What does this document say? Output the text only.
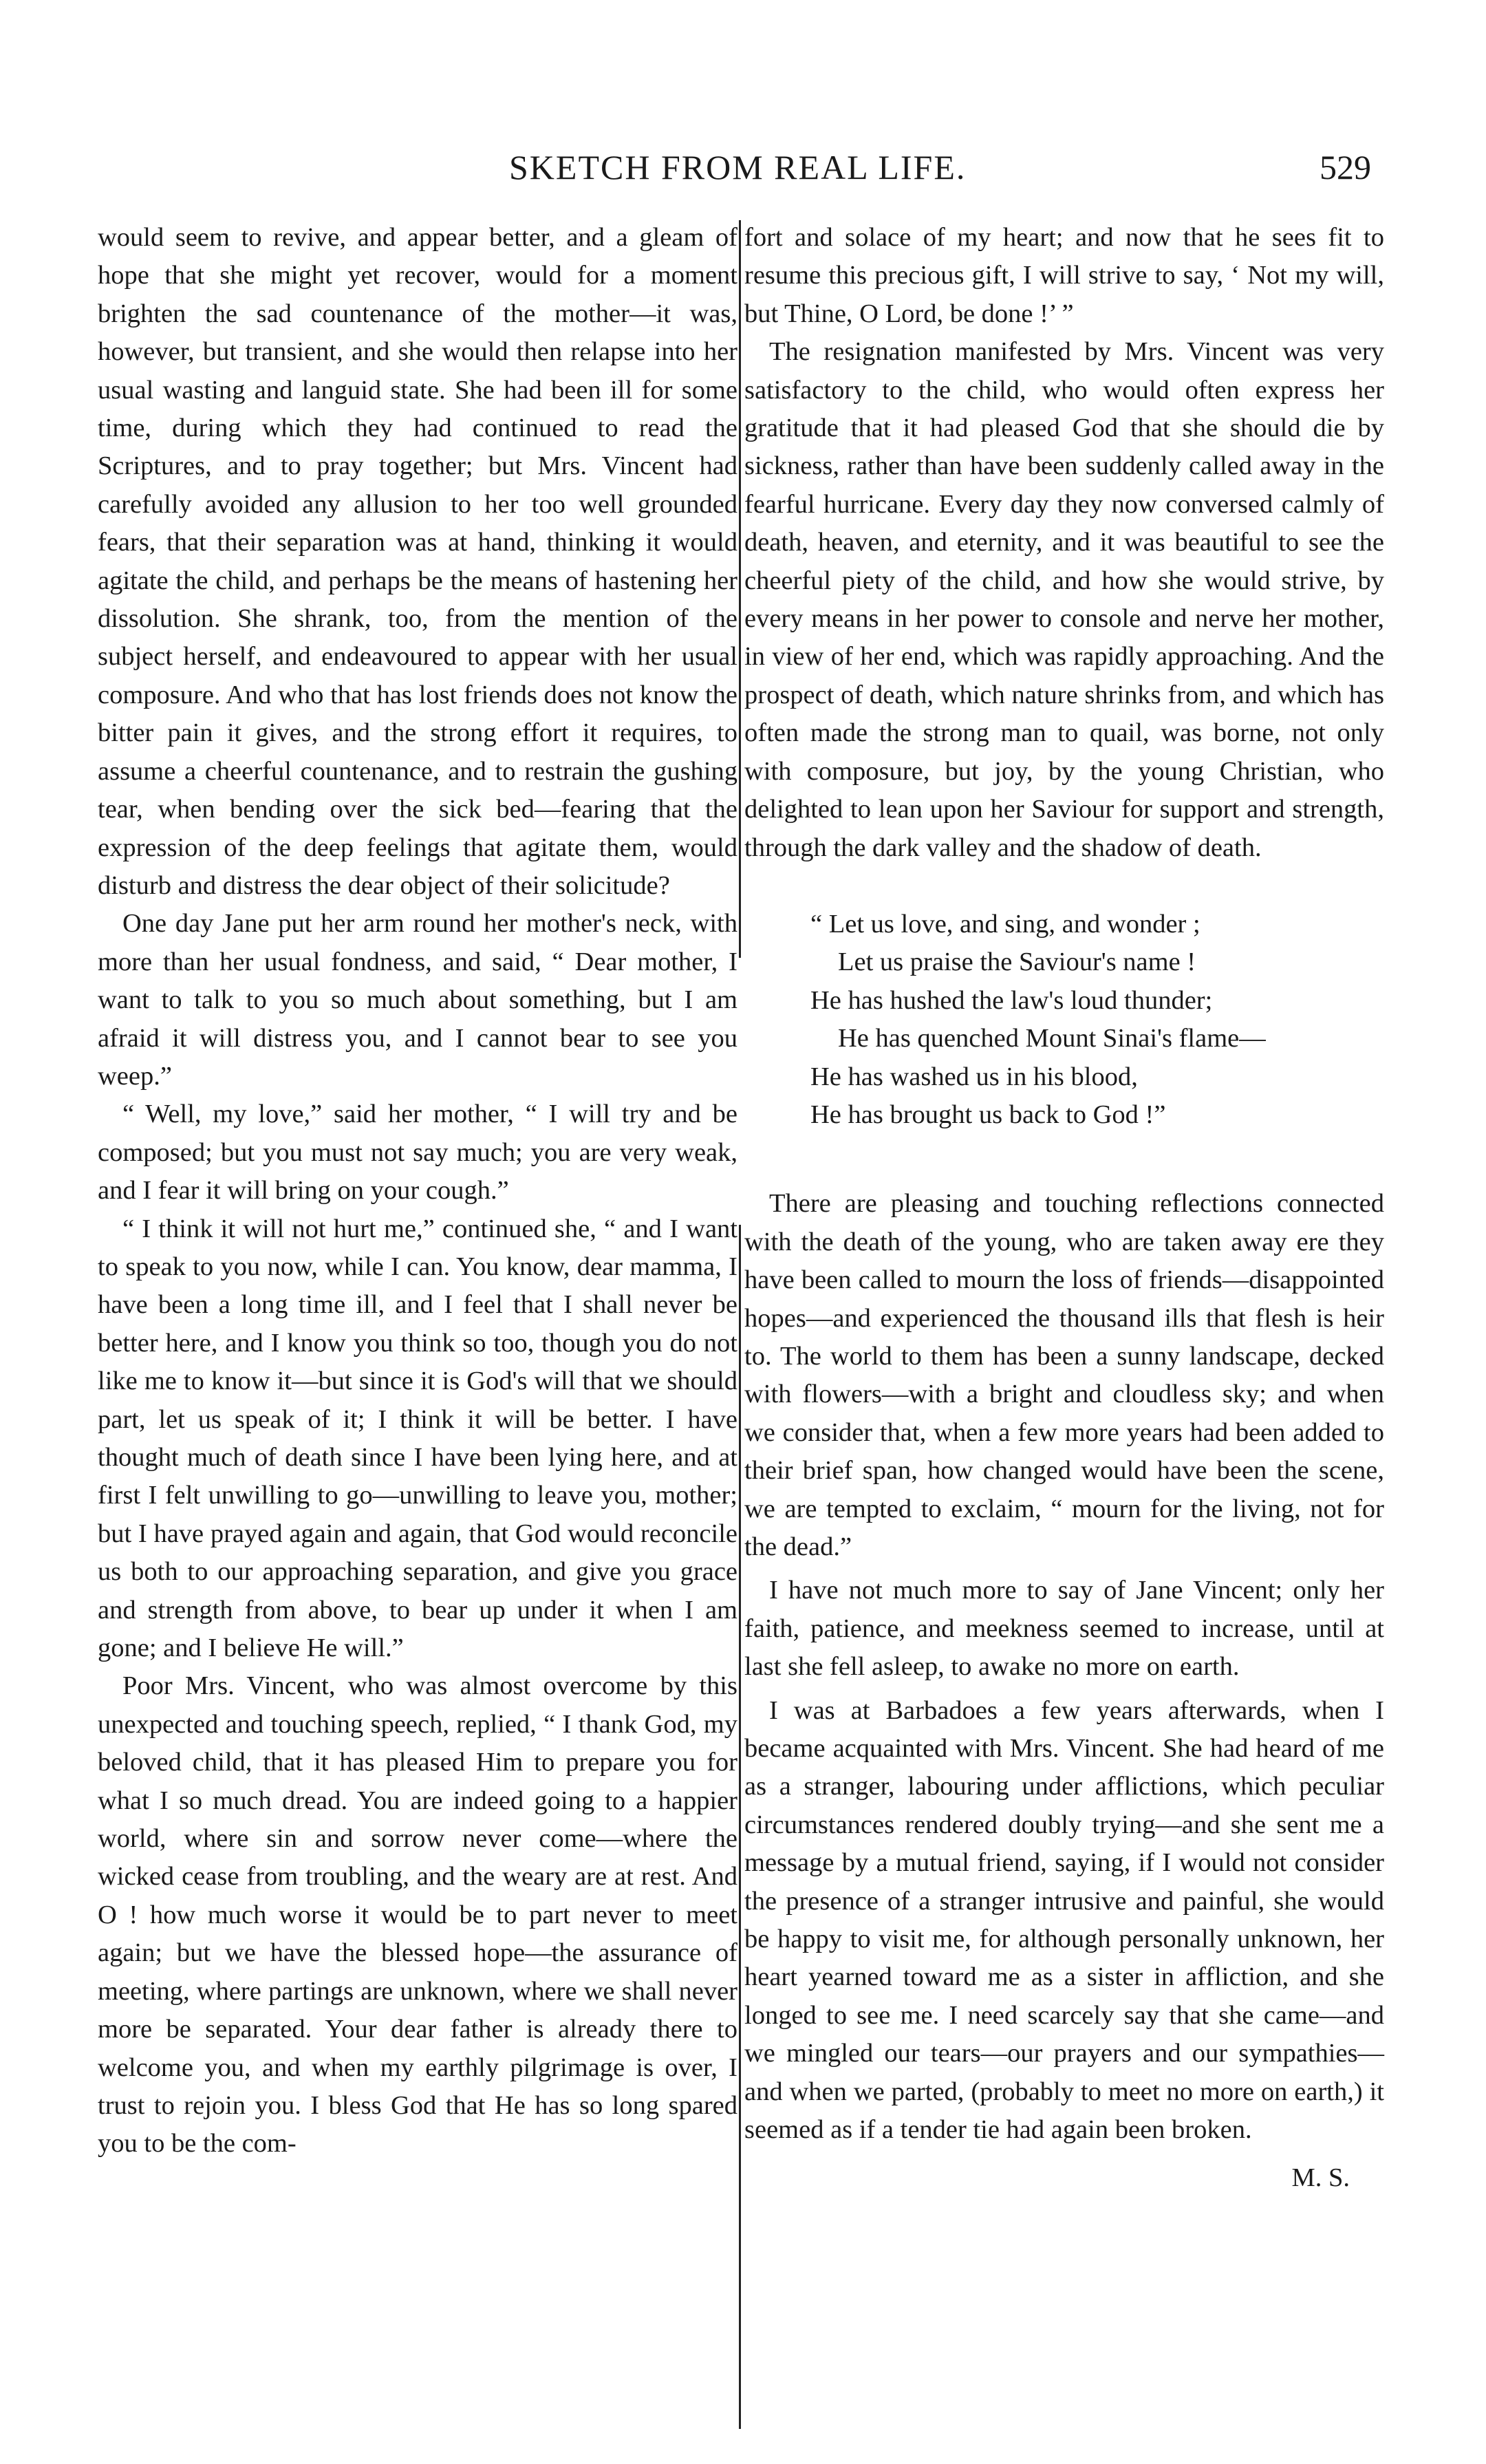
SKETCH FROM REAL LIFE.	529

would seem to revive, and appear better, and a gleam of hope that she might yet recover, would for a moment brighten the sad countenance of the mother—it was, however, but transient, and she would then relapse into her usual wasting and languid state. She had been ill for some time, during which they had continued to read the Scriptures, and to pray together; but Mrs. Vincent had carefully avoided any allusion to her too well grounded fears, that their separation was at hand, thinking it would agitate the child, and perhaps be the means of hastening her dissolution. She shrank, too, from the mention of the subject herself, and endeavoured to appear with her usual composure. And who that has lost friends does not know the bitter pain it gives, and the strong effort it requires, to assume a cheerful countenance, and to restrain the gushing tear, when bending over the sick bed—fearing that the expression of the deep feelings that agitate them, would disturb and distress the dear object of their solicitude?

One day Jane put her arm round her mother's neck, with more than her usual fondness, and said, “ Dear mother, I want to talk to you so much about something, but I am afraid it will distress you, and I cannot bear to see you weep.”

“ Well, my love,” said her mother, “ I will try and be composed; but you must not say much; you are very weak, and I fear it will bring on your cough.”

“ I think it will not hurt me,” continued she, “ and I want to speak to you now, while I can. You know, dear mamma, I have been a long time ill, and I feel that I shall never be better here, and I know you think so too, though you do not like me to know it—but since it is God's will that we should part, let us speak of it; I think it will be better. I have thought much of death since I have been lying here, and at first I felt unwilling to go—unwilling to leave you, mother; but I have prayed again and again, that God would reconcile us both to our approaching separation, and give you grace and strength from above, to bear up under it when I am gone; and I believe He will.”

Poor Mrs. Vincent, who was almost overcome by this unexpected and touching speech, replied, “ I thank God, my beloved child, that it has pleased Him to prepare you for what I so much dread. You are indeed going to a happier world, where sin and sorrow never come—where the wicked cease from troubling, and the weary are at rest. And O ! how much worse it would be to part never to meet again; but we have the blessed hope—the assurance of meeting, where partings are unknown, where we shall never more be separated. Your dear father is already there to welcome you, and when my earthly pilgrimage is over, I trust to rejoin you. I bless God that He has so long spared you to be the com-

fort and solace of my heart; and now that he sees fit to resume this precious gift, I will strive to say, ‘ Not my will, but Thine, O Lord, be done !’ ”

The resignation manifested by Mrs. Vincent was very satisfactory to the child, who would often express her gratitude that it had pleased God that she should die by sickness, rather than have been suddenly called away in the fearful hurricane. Every day they now conversed calmly of death, heaven, and eternity, and it was beautiful to see the cheerful piety of the child, and how she would strive, by every means in her power to console and nerve her mother, in view of her end, which was rapidly approaching. And the prospect of death, which nature shrinks from, and which has often made the strong man to quail, was borne, not only with composure, but joy, by the young Christian, who delighted to lean upon her Saviour for support and strength, through the dark valley and the shadow of death.

“ Let us love, and sing, and wonder ;
Let us praise the Saviour's name !
He has hushed the law's loud thunder;
He has quenched Mount Sinai's flame—
He has washed us in his blood,
He has brought us back to God !”

There are pleasing and touching reflections connected with the death of the young, who are taken away ere they have been called to mourn the loss of friends—disappointed hopes—and experienced the thousand ills that flesh is heir to. The world to them has been a sunny landscape, decked with flowers—with a bright and cloudless sky; and when we consider that, when a few more years had been added to their brief span, how changed would have been the scene, we are tempted to exclaim, “ mourn for the living, not for the dead.”

I have not much more to say of Jane Vincent; only her faith, patience, and meekness seemed to increase, until at last she fell asleep, to awake no more on earth.

I was at Barbadoes a few years afterwards, when I became acquainted with Mrs. Vincent. She had heard of me as a stranger, labouring under afflictions, which peculiar circumstances rendered doubly trying—and she sent me a message by a mutual friend, saying, if I would not consider the presence of a stranger intrusive and painful, she would be happy to visit me, for although personally unknown, her heart yearned toward me as a sister in affliction, and she longed to see me. I need scarcely say that she came—and we mingled our tears—our prayers and our sympathies—and when we parted, (probably to meet no more on earth,) it seemed as if a tender tie had again been broken.

M. S.
